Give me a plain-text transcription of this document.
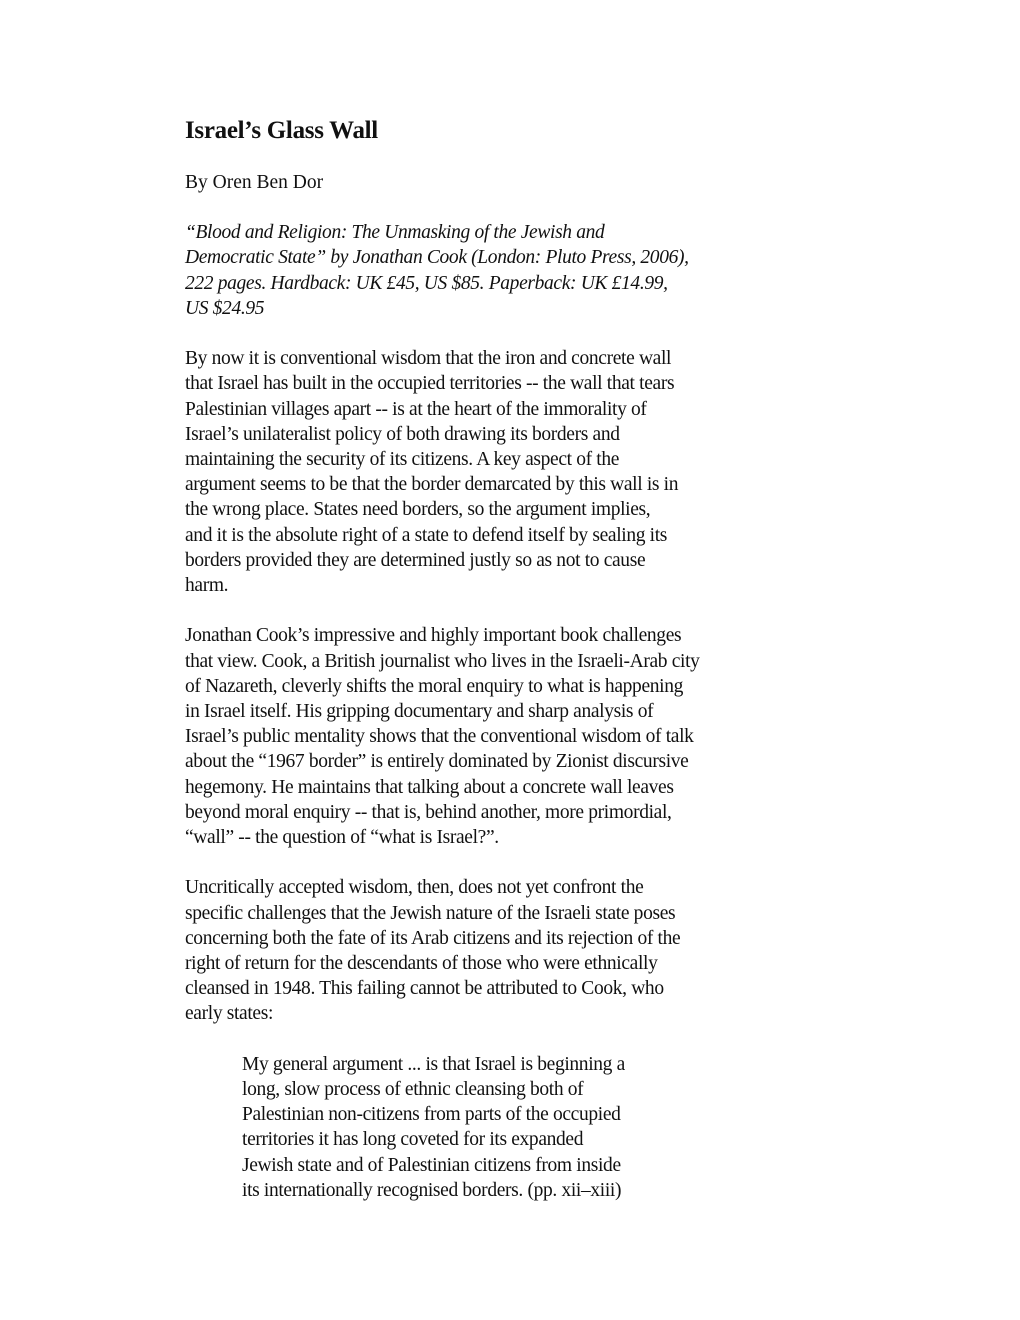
Israel’s Glass Wall

By Oren Ben Dor

“Blood and Religion: The Unmasking of the Jewish and
Democratic State” by Jonathan Cook (London: Pluto Press, 2006),
222 pages. Hardback: UK £45, US $85. Paperback: UK £14.99,
US $24.95

By now it is conventional wisdom that the iron and concrete wall
that Israel has built in the occupied territories -- the wall that tears
Palestinian villages apart -- is at the heart of the immorality of
Israel’s unilateralist policy of both drawing its borders and
maintaining the security of its citizens. A key aspect of the
argument seems to be that the border demarcated by this wall is in
the wrong place. States need borders, so the argument implies,
and it is the absolute right of a state to defend itself by sealing its
borders provided they are determined justly so as not to cause
harm.

Jonathan Cook’s impressive and highly important book challenges
that view. Cook, a British journalist who lives in the Israeli-Arab city
of Nazareth, cleverly shifts the moral enquiry to what is happening
in Israel itself. His gripping documentary and sharp analysis of
Israel’s public mentality shows that the conventional wisdom of talk
about the “1967 border” is entirely dominated by Zionist discursive
hegemony. He maintains that talking about a concrete wall leaves
beyond moral enquiry -- that is, behind another, more primordial,
“wall” -- the question of “what is Israel?”.

Uncritically accepted wisdom, then, does not yet confront the
specific challenges that the Jewish nature of the Israeli state poses
concerning both the fate of its Arab citizens and its rejection of the
right of return for the descendants of those who were ethnically
cleansed in 1948. This failing cannot be attributed to Cook, who
early states:

My general argument ... is that Israel is beginning a
long, slow process of ethnic cleansing both of
Palestinian non-citizens from parts of the occupied
territories it has long coveted for its expanded
Jewish state and of Palestinian citizens from inside
its internationally recognised borders. (pp. xii–xiii)
